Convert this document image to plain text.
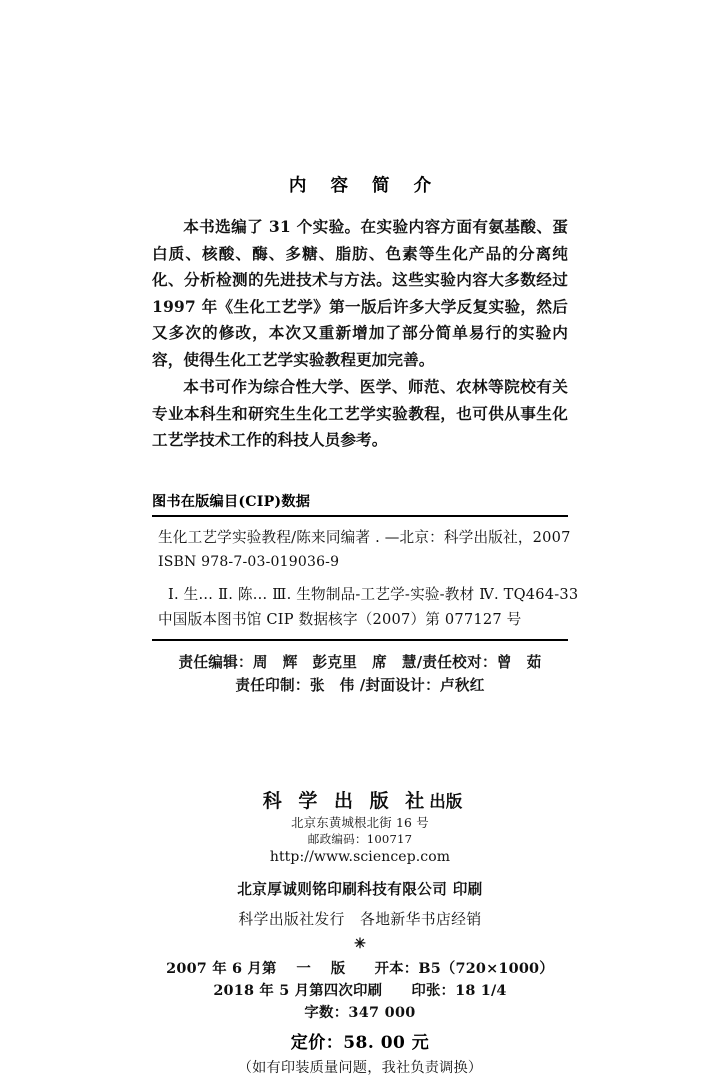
内 容 简 介

本书选编了 31 个实验。在实验内容方面有氨基酸、蛋白质、核酸、酶、多糖、脂肪、色素等生化产品的分离纯化、分析检测的先进技术与方法。这些实验内容大多数经过 1997 年《生化工艺学》第一版后许多大学反复实验，然后又多次的修改，本次又重新增加了部分简单易行的实验内容，使得生化工艺学实验教程更加完善。

本书可作为综合性大学、医学、师范、农林等院校有关专业本科生和研究生生化工艺学实验教程，也可供从事生化工艺学技术工作的科技人员参考。

图书在版编目(CIP)数据
生化工艺学实验教程/陈来同编著 . —北京：科学出版社，2007
ISBN 978-7-03-019036-9
Ⅰ. 生… Ⅱ. 陈… Ⅲ. 生物制品-工艺学-实验-教材 Ⅳ. TQ464-33
中国版本图书馆 CIP 数据核字（2007）第 077127 号
责任编辑：周　辉　彭克里　席　慧/责任校对：曾　茹
责任印制：张　伟 /封面设计：卢秋红
科 学 出 版 社出版
北京东黄城根北街 16 号
邮政编码：100717
http://www.sciencep.com
北京厚诚则铭印刷科技有限公司 印刷
科学出版社发行　各地新华书店经销
✳
2007 年 6 月第 　一　 版　　开本：B5（720×1000）
2018 年 5 月第四次印刷　　印张：18 1/4
字数：347 000
定价：58. 00 元
（如有印装质量问题，我社负责调换）
